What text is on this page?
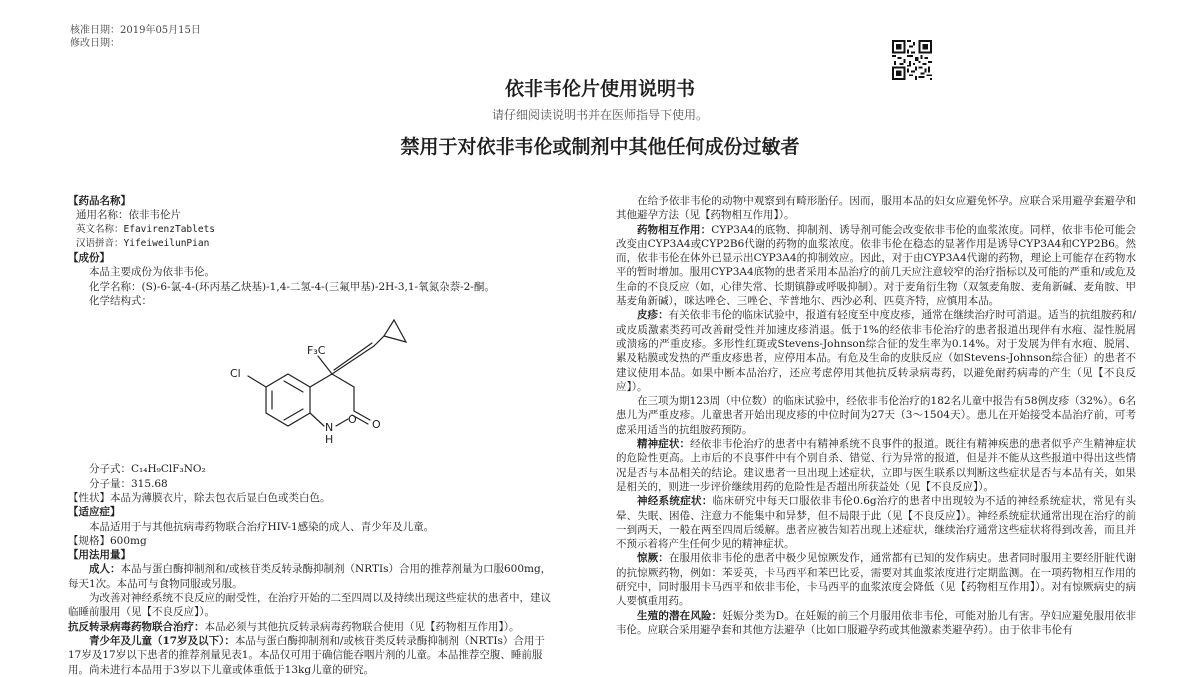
核准日期：2019年05月15日
修改日期：
依非韦伦片使用说明书
请仔细阅读说明书并在医师指导下使用。
禁用于对依非韦伦或制剂中其他任何成份过敏者

【药品名称】

通用名称：依非韦伦片

英文名称：EfavirenzTablets

汉语拼音：YifeiweilunPian

【成份】

本品主要成份为依非韦伦。

化学名称：(S)-6-氯-4-(环丙基乙炔基)-1,4-二氢-4-(三氟甲基)-2H-3,1-氧氮杂萘-2-酮。

化学结构式：

F₃C
Cl
O O
N
H

分子式：C₁₄H₉ClF₃NO₂

分子量：315.68

【性状】本品为薄膜衣片，除去包衣后显白色或类白色。

【适应症】

本品适用于与其他抗病毒药物联合治疗HIV-1感染的成人、青少年及儿童。

【规格】600mg

【用法用量】

成人：本品与蛋白酶抑制剂和/或核苷类反转录酶抑制剂（NRTIs）合用的推荐剂量为口服600mg，每天1次。本品可与食物同服或另服。

为改善对神经系统不良反应的耐受性，在治疗开始的二至四周以及持续出现这些症状的患者中，建议临睡前服用（见【不良反应】）。

抗反转录病毒药物联合治疗：本品必须与其他抗反转录病毒药物联合使用（见【药物相互作用】）。

青少年及儿童（17岁及以下）：本品与蛋白酶抑制剂和/或核苷类反转录酶抑制剂（NRTIs）合用于17岁及17岁以下患者的推荐剂量见表1。本品仅可用于确信能吞咽片剂的儿童。本品推荐空腹、睡前服用。尚未进行本品用于3岁以下儿童或体重低于13kg儿童的研究。

在给予依非韦伦的动物中观察到有畸形胎仔。因而，服用本品的妇女应避免怀孕。应联合采用避孕套避孕和其他避孕方法（见【药物相互作用】）。

药物相互作用：CYP3A4的底物、抑制剂、诱导剂可能会改变依非韦伦的血浆浓度。同样，依非韦伦可能会改变由CYP3A4或CYP2B6代谢的药物的血浆浓度。依非韦伦在稳态的显著作用是诱导CYP3A4和CYP2B6。然而，依非韦伦在体外已显示出CYP3A4的抑制效应。因此，对于由CYP3A4代谢的药物，理论上可能存在药物水平的暂时增加。服用CYP3A4底物的患者采用本品治疗的前几天应注意较窄的治疗指标以及可能的严重和/或危及生命的不良反应（如，心律失常、长期镇静或呼吸抑制）。对于麦角衍生物（双氢麦角胺、麦角新碱、麦角胺、甲基麦角新碱），咪达唑仑、三唑仑、苄普地尔、西沙必利、匹莫齐特，应慎用本品。

皮疹：有关依非韦伦的临床试验中，报道有轻度至中度皮疹，通常在继续治疗时可消退。适当的抗组胺药和/或皮质激素类药可改善耐受性并加速皮疹消退。低于1%的经依非韦伦治疗的患者报道出现伴有水疱、湿性脱屑或溃疡的严重皮疹。多形性红斑或Stevens-Johnson综合征的发生率为0.14%。对于发展为伴有水疱、脱屑、累及粘膜或发热的严重皮疹患者，应停用本品。有危及生命的皮肤反应（如Stevens-Johnson综合征）的患者不建议使用本品。如果中断本品治疗，还应考虑停用其他抗反转录病毒药，以避免耐药病毒的产生（见【不良反应】）。

在三项为期123周（中位数）的临床试验中，经依非韦伦治疗的182名儿童中报告有58例皮疹（32%）。6名患儿为严重皮疹。儿童患者开始出现皮疹的中位时间为27天（3～1504天）。患儿在开始接受本品治疗前，可考虑采用适当的抗组胺药预防。

精神症状：经依非韦伦治疗的患者中有精神系统不良事件的报道。既往有精神疾患的患者似乎产生精神症状的危险性更高。上市后的不良事件中有个别自杀、错觉、行为异常的报道，但是并不能从这些报道中得出这些情况是否与本品相关的结论。建议患者一旦出现上述症状，立即与医生联系以判断这些症状是否与本品有关，如果是相关的，则进一步评价继续用药的危险性是否超出所获益处（见【不良反应】）。

神经系统症状：临床研究中每天口服依非韦伦0.6g治疗的患者中出现较为不适的神经系统症状，常见有头晕、失眠、困倦、注意力不能集中和异梦，但不局限于此（见【不良反应】）。神经系统症状通常出现在治疗的前一到两天，一般在两至四周后缓解。患者应被告知若出现上述症状，继续治疗通常这些症状将得到改善，而且并不预示着将产生任何少见的精神症状。

惊厥：在服用依非韦伦的患者中极少见惊厥发作，通常都有已知的发作病史。患者同时服用主要经肝脏代谢的抗惊厥药物，例如：苯妥英，卡马西平和苯巴比妥，需要对其血浆浓度进行定期监测。在一项药物相互作用的研究中，同时服用卡马西平和依非韦伦，卡马西平的血浆浓度会降低（见【药物相互作用】）。对有惊厥病史的病人要慎重用药。

生殖的潜在风险：妊娠分类为D。在妊娠的前三个月服用依非韦伦，可能对胎儿有害。孕妇应避免服用依非韦伦。应联合采用避孕套和其他方法避孕（比如口服避孕药或其他激素类避孕药）。由于依非韦伦有
